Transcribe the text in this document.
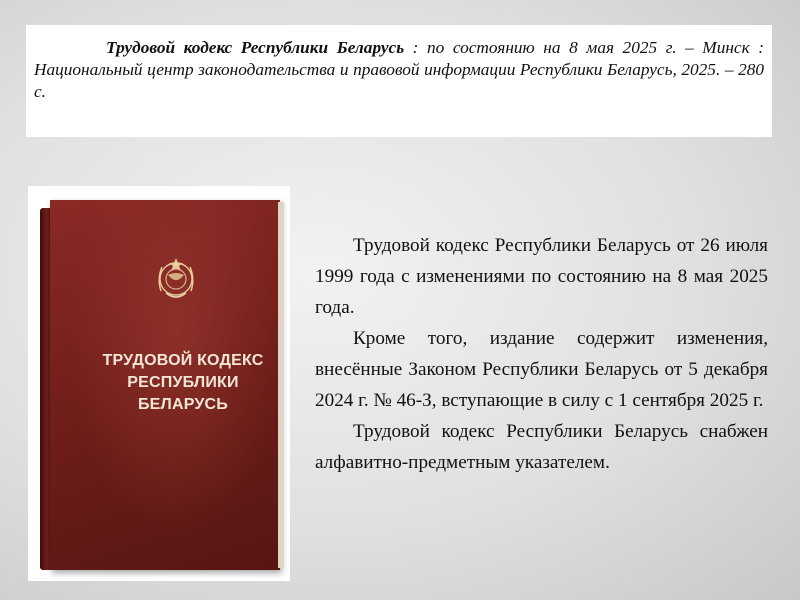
Трудовой кодекс Республики Беларусь : по состоянию на 8 мая 2025 г. – Минск : Национальный центр законодательства и правовой информации Республики Беларусь, 2025. – 280 с.

ТРУДОВОЙ КОДЕКС РЕСПУБЛИКИ БЕЛАРУСЬ

Трудовой кодекс Республики Беларусь от 26 июля 1999 года с изменениями по состоянию на 8 мая 2025 года.

Кроме того, издание содержит изменения, внесённые Законом Республики Беларусь от 5 декабря 2024 г. № 46-З, вступающие в силу с 1 сентября 2025 г.

Трудовой кодекс Республики Беларусь снабжен алфавитно-предметным указателем.
